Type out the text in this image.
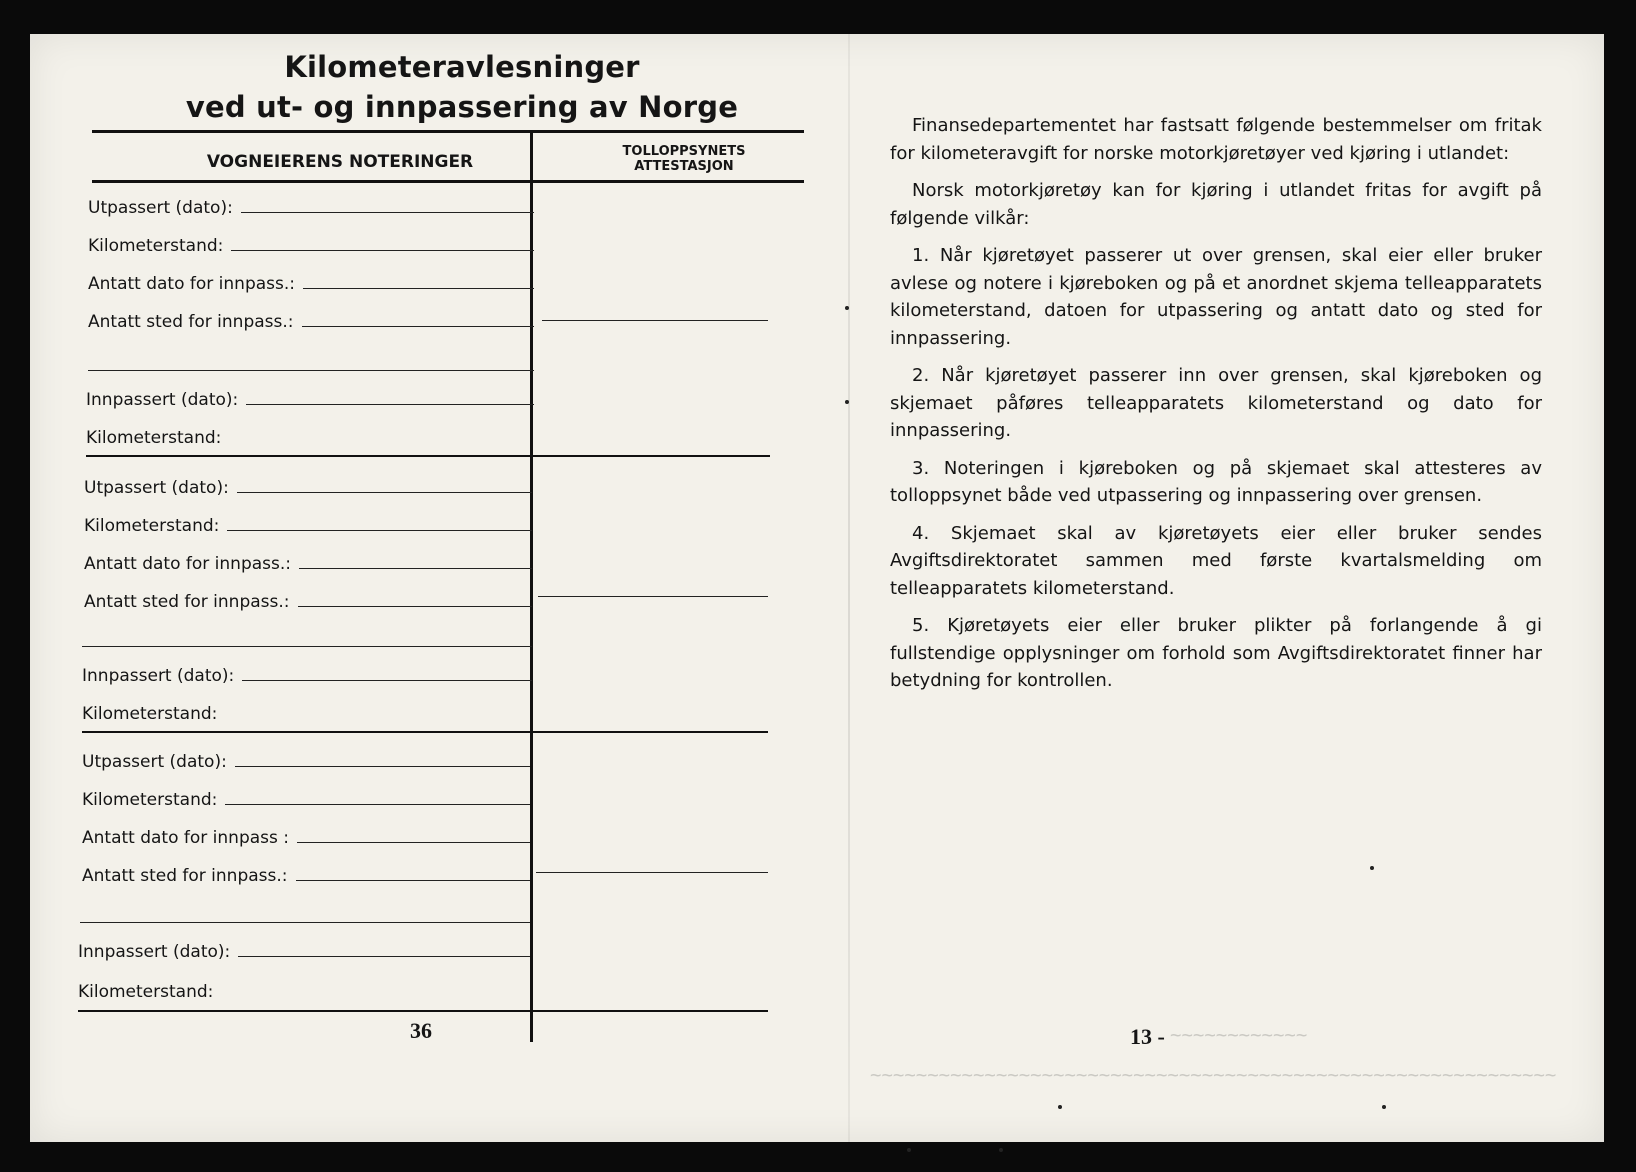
~~~~~~~~~~~~
~~~~~~~~~~~~~~~~~~~~~~~~~~~~~~~~~~~~~~~~~~~~~~~~~~~~~~~~~~~~
Kilometeravlesninger
ved ut- og innpassering av Norge
VOGNEIERENS NOTERINGER
TOLLOPPSYNETS
ATTESTASJON
Utpassert (dato):
Kilometerstand:
Antatt dato for innpass.:
Antatt sted for innpass.:
Innpassert (dato):
Kilometerstand:
Utpassert (dato):
Kilometerstand:
Antatt dato for innpass.:
Antatt sted for innpass.:
Innpassert (dato):
Kilometerstand:
Utpassert (dato):
Kilometerstand:
Antatt dato for innpass :
Antatt sted for innpass.:
Innpassert (dato):
Kilometerstand:
36

Finansedepartementet har fastsatt følgende bestemmelser om fritak for kilometeravgift for norske motorkjøretøyer ved kjøring i utlandet:

Norsk motorkjøretøy kan for kjøring i utlandet fritas for avgift på følgende vilkår:

1. Når kjøretøyet passerer ut over grensen, skal eier eller bruker avlese og notere i kjøreboken og på et anordnet skjema telleapparatets kilometerstand, datoen for utpassering og antatt dato og sted for innpassering.

2. Når kjøretøyet passerer inn over grensen, skal kjøreboken og skjemaet påføres telleapparatets kilometerstand og dato for innpassering.

3. Noteringen i kjøreboken og på skjemaet skal attesteres av tolloppsynet både ved utpassering og innpassering over grensen.

4. Skjemaet skal av kjøretøyets eier eller bruker sendes Avgiftsdirektoratet sammen med første kvartalsmelding om telleapparatets kilometerstand.

5. Kjøretøyets eier eller bruker plikter på forlangende å gi fullstendige opplysninger om forhold som Avgiftsdirektoratet finner har betydning for kontrollen.

13 -
